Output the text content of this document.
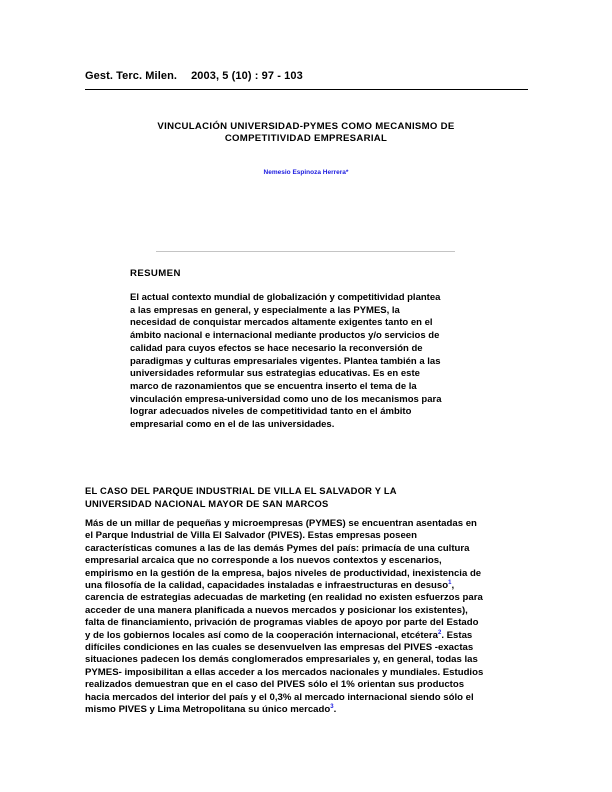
Gest. Terc. Milen. 2003, 5 (10) : 97 - 103
VINCULACIÓN UNIVERSIDAD-PYMES COMO MECANISMO DE
COMPETITIVIDAD EMPRESARIAL
Nemesio Espinoza Herrera*
RESUMEN
El actual contexto mundial de globalización y competitividad plantea
a las empresas en general, y especialmente a las PYMES, la
necesidad de conquistar mercados altamente exigentes tanto en el
ámbito nacional e internacional mediante productos y/o servicios de
calidad para cuyos efectos se hace necesario la reconversión de
paradigmas y culturas empresariales vigentes. Plantea también a las
universidades reformular sus estrategias educativas. Es en este
marco de razonamientos que se encuentra inserto el tema de la
vinculación empresa-universidad como uno de los mecanismos para
lograr adecuados niveles de competitividad tanto en el ámbito
empresarial como en el de las universidades.
EL CASO DEL PARQUE INDUSTRIAL DE VILLA EL SALVADOR Y LA
UNIVERSIDAD NACIONAL MAYOR DE SAN MARCOS
Más de un millar de pequeñas y microempresas (PYMES) se encuentran asentadas en
el Parque Industrial de Villa El Salvador (PIVES). Estas empresas poseen
características comunes a las de las demás Pymes del país: primacía de una cultura
empresarial arcaica que no corresponde a los nuevos contextos y escenarios,
empirismo en la gestión de la empresa, bajos niveles de productividad, inexistencia de
una filosofía de la calidad, capacidades instaladas e infraestructuras en desuso$^1$,
carencia de estrategias adecuadas de marketing (en realidad no existen esfuerzos para
acceder de una manera planificada a nuevos mercados y posicionar los existentes),
falta de financiamiento, privación de programas viables de apoyo por parte del Estado
y de los gobiernos locales así como de la cooperación internacional, etcétera$^2$. Estas
difíciles condiciones en las cuales se desenvuelven las empresas del PIVES -exactas
situaciones padecen los demás conglomerados empresariales y, en general, todas las
PYMES- imposibilitan a ellas acceder a los mercados nacionales y mundiales. Estudios
realizados demuestran que en el caso del PIVES sólo el 1% orientan sus productos
hacia mercados del interior del país y el 0,3% al mercado internacional siendo sólo el
mismo PIVES y Lima Metropolitana su único mercado$^3$.
